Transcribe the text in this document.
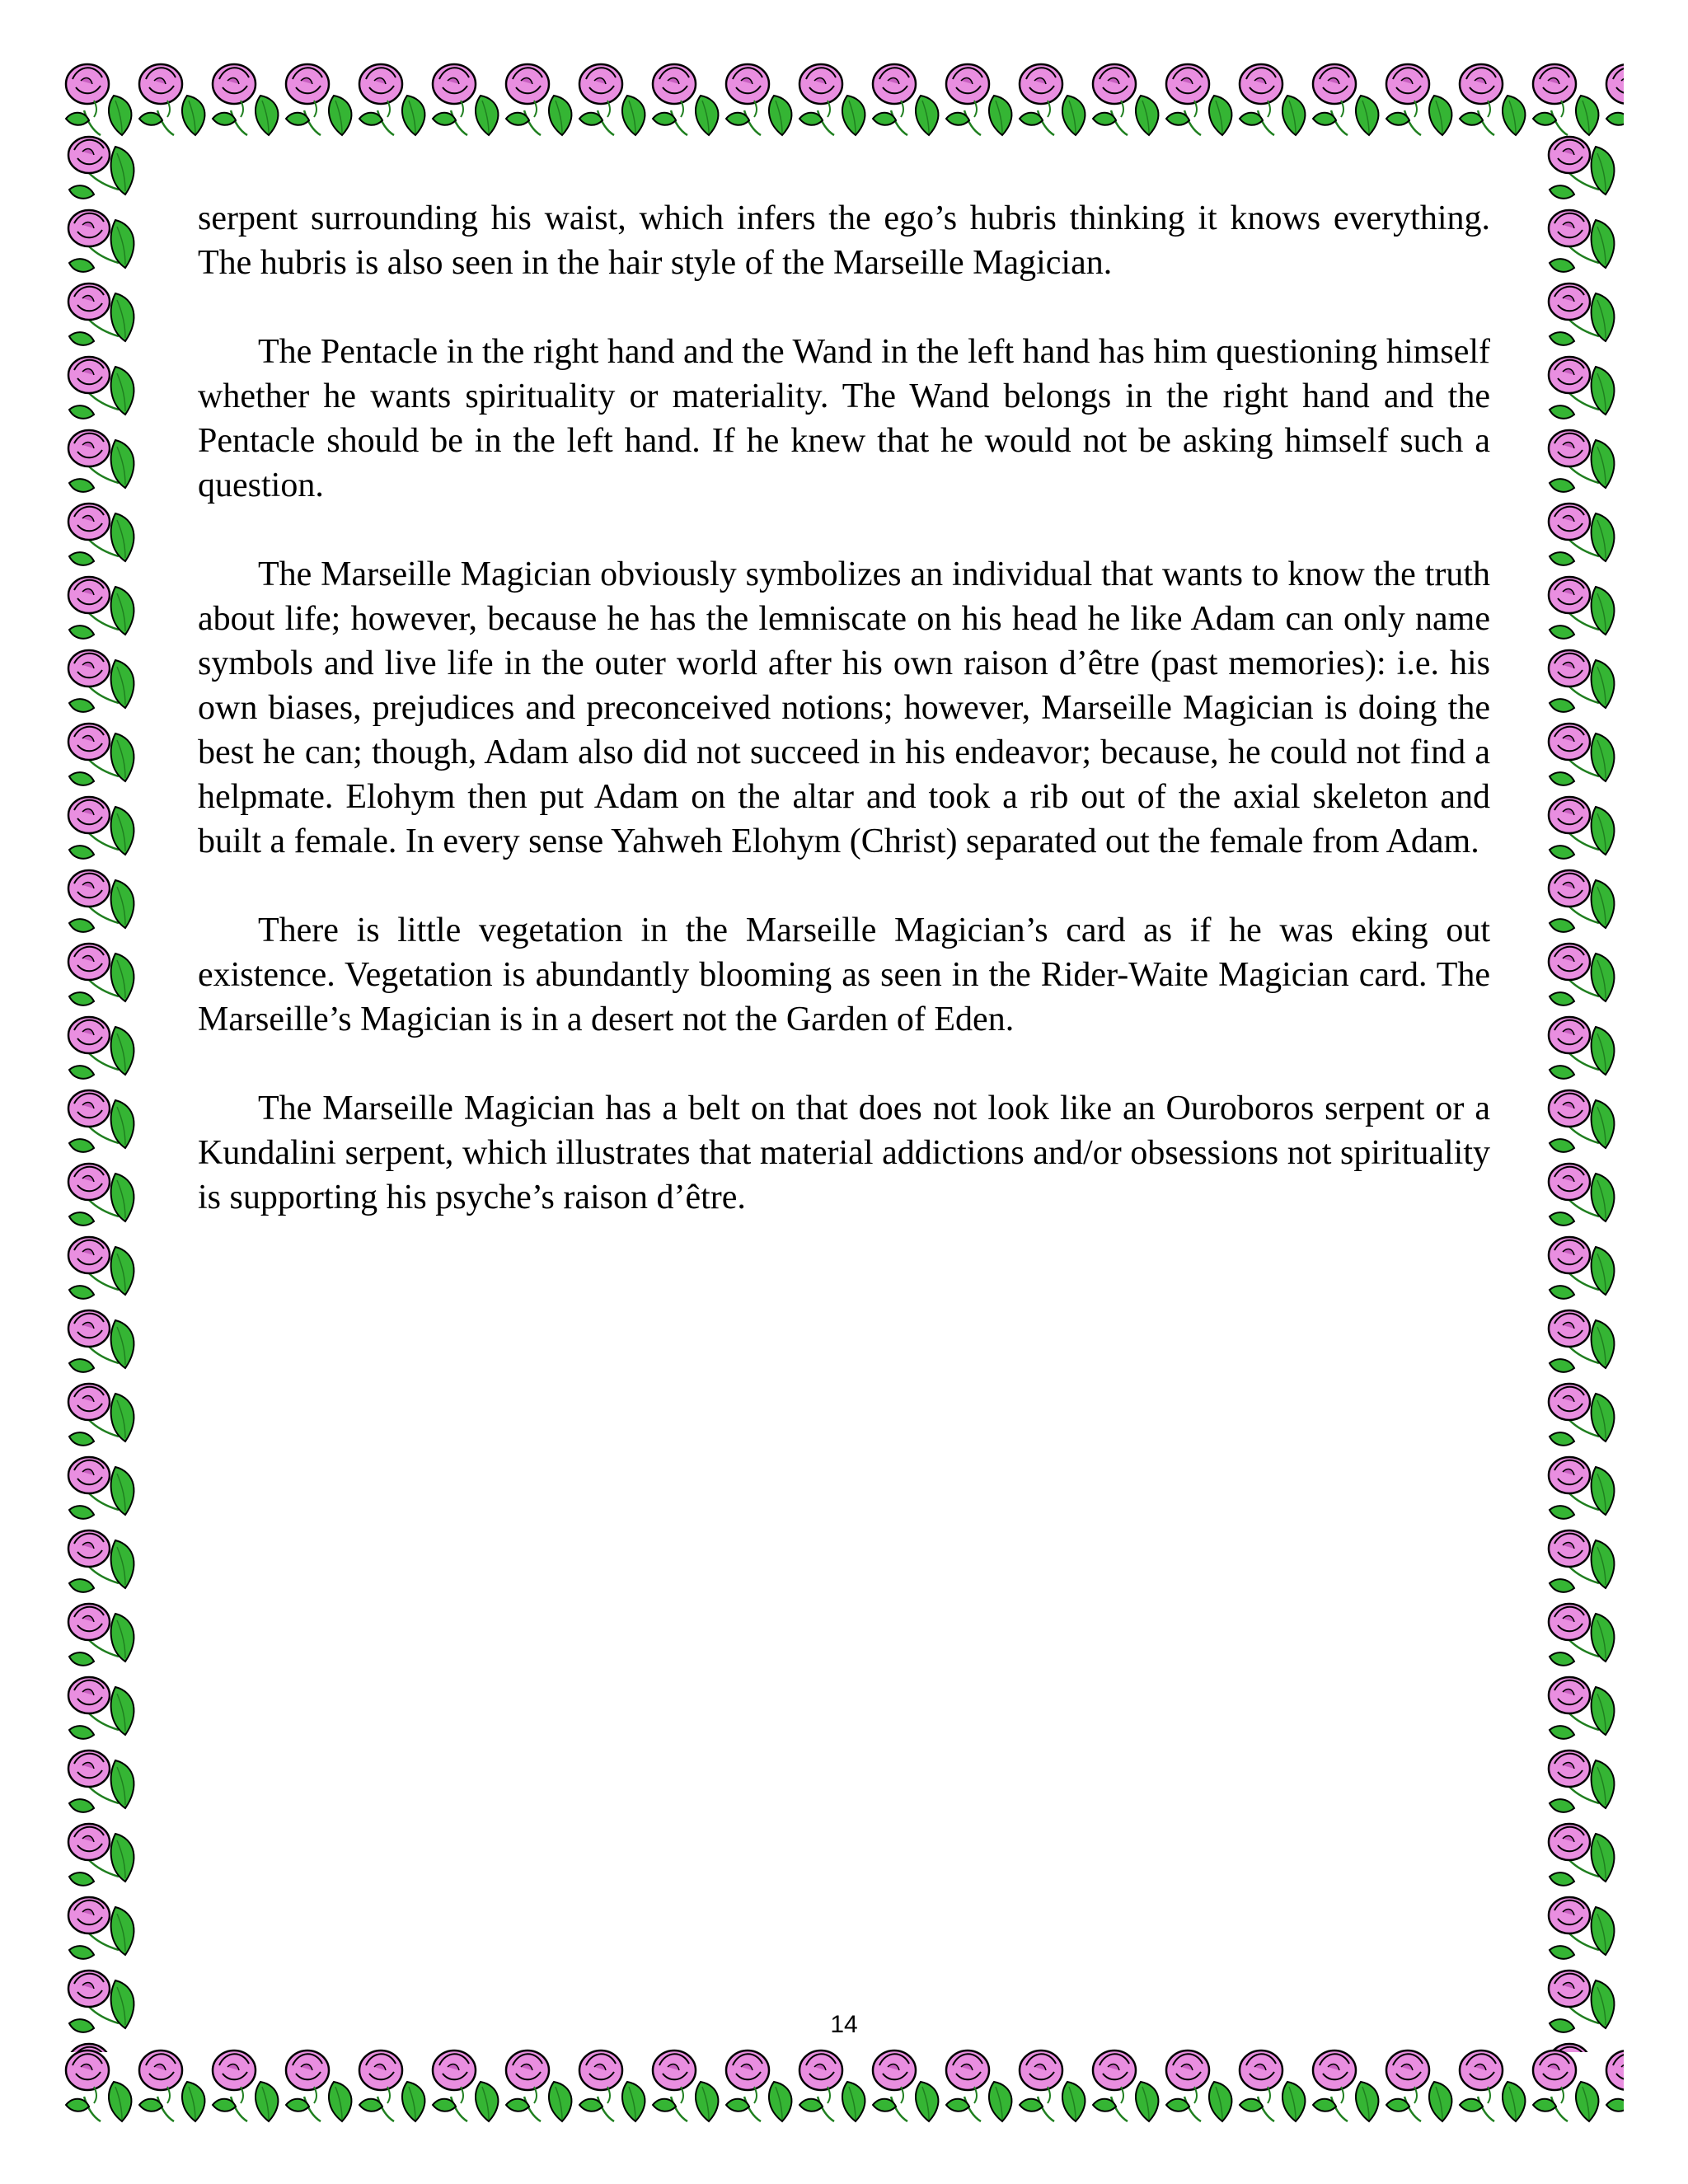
serpent surrounding his waist, which infers the ego’s hubris thinking it knows everything. The hubris is also seen in the hair style of the Marseille Magician.

The Pentacle in the right hand and the Wand in the left hand has him questioning himself whether he wants spirituality or materiality. The Wand belongs in the right hand and the Pentacle should be in the left hand. If he knew that he would not be asking himself such a question.

The Marseille Magician obviously symbolizes an individual that wants to know the truth about life; however, because he has the lemniscate on his head he like Adam can only name symbols and live life in the outer world after his own raison d’être (past memories): i.e. his own biases, prejudices and preconceived notions; however, Marseille Magician is doing the best he can; though, Adam also did not succeed in his endeavor; because, he could not find a helpmate. Elohym then put Adam on the altar and took a rib out of the axial skeleton and built a female. In every sense Yahweh Elohym (Christ) separated out the female from Adam.

There is little vegetation in the Marseille Magician’s card as if he was eking out existence. Vegetation is abundantly blooming as seen in the Rider-Waite Magician card. The Marseille’s Magician is in a desert not the Garden of Eden.

The Marseille Magician has a belt on that does not look like an Ouroboros serpent or a Kundalini serpent, which illustrates that material addictions and/or obsessions not spirituality is supporting his psyche’s raison d’être.

14
